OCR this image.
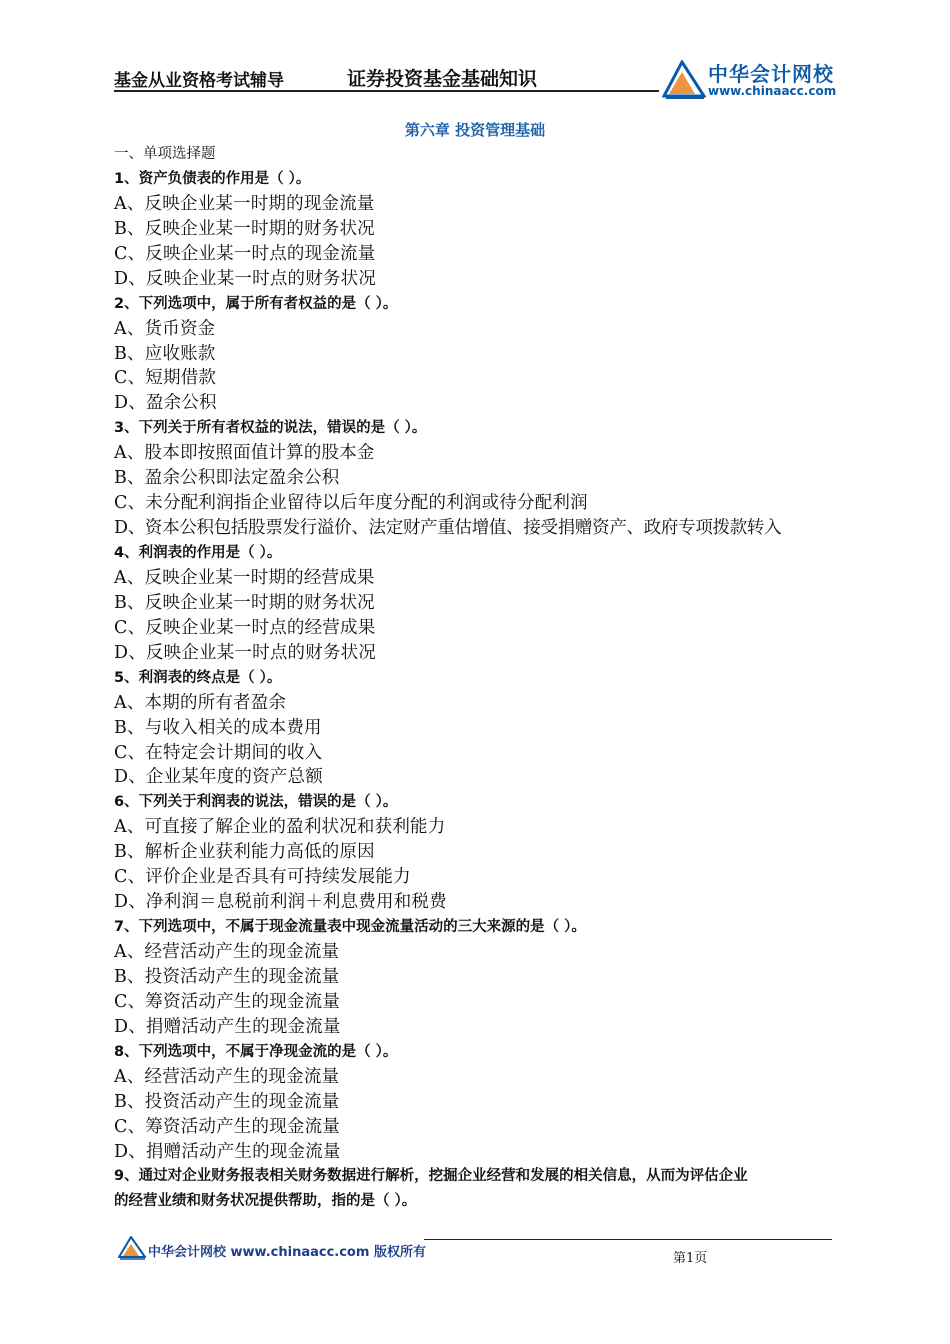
基金从业资格考试辅导	证券投资基金基础知识	中华会计网校
www.chinaacc.com
第六章 投资管理基础
一、单项选择题
1、资产负债表的作用是（ ）。
A、反映企业某一时期的现金流量
B、反映企业某一时期的财务状况
C、反映企业某一时点的现金流量
D、反映企业某一时点的财务状况
2、下列选项中，属于所有者权益的是（ ）。
A、货币资金
B、应收账款
C、短期借款
D、盈余公积
3、下列关于所有者权益的说法，错误的是（ ）。
A、股本即按照面值计算的股本金
B、盈余公积即法定盈余公积
C、未分配利润指企业留待以后年度分配的利润或待分配利润
D、资本公积包括股票发行溢价、法定财产重估增值、接受捐赠资产、政府专项拨款转入
4、利润表的作用是（ ）。
A、反映企业某一时期的经营成果
B、反映企业某一时期的财务状况
C、反映企业某一时点的经营成果
D、反映企业某一时点的财务状况
5、利润表的终点是（ ）。
A、本期的所有者盈余
B、与收入相关的成本费用
C、在特定会计期间的收入
D、企业某年度的资产总额
6、下列关于利润表的说法，错误的是（ ）。
A、可直接了解企业的盈利状况和获利能力
B、解析企业获利能力高低的原因
C、评价企业是否具有可持续发展能力
D、净利润＝息税前利润＋利息费用和税费
7、下列选项中，不属于现金流量表中现金流量活动的三大来源的是（ ）。
A、经营活动产生的现金流量
B、投资活动产生的现金流量
C、筹资活动产生的现金流量
D、捐赠活动产生的现金流量
8、下列选项中，不属于净现金流的是（ ）。
A、经营活动产生的现金流量
B、投资活动产生的现金流量
C、筹资活动产生的现金流量
D、捐赠活动产生的现金流量
9、通过对企业财务报表相关财务数据进行解析，挖掘企业经营和发展的相关信息，从而为评估企业
的经营业绩和财务状况提供帮助，指的是（ ）。
中华会计网校 www.chinaacc.com 版权所有	第1页
